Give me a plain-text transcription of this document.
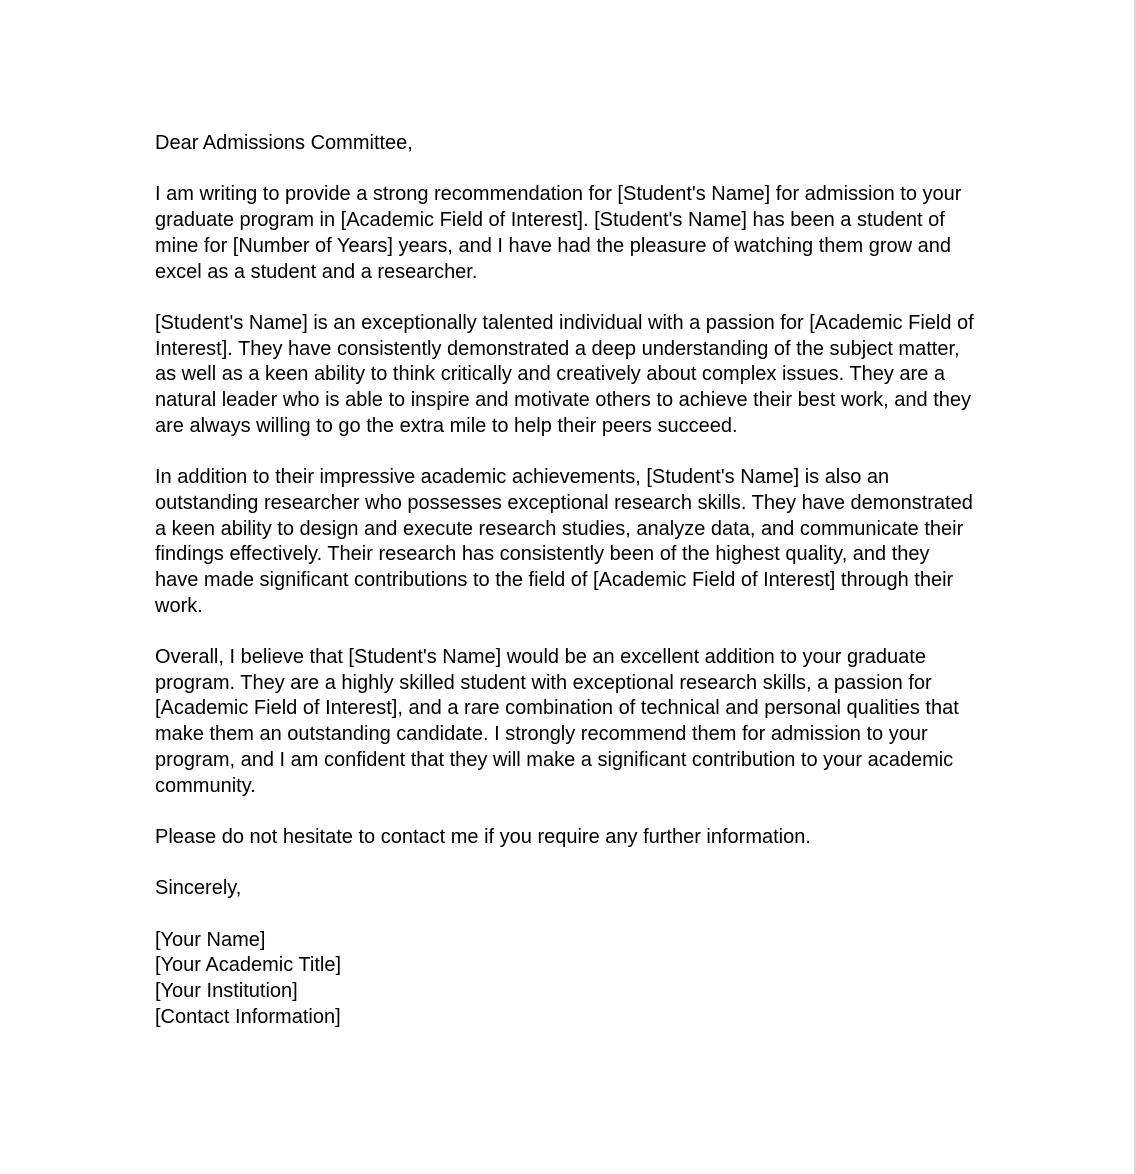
Dear Admissions Committee,

I am writing to provide a strong recommendation for [Student's Name] for admission to your graduate program in [Academic Field of Interest]. [Student's Name] has been a student of mine for [Number of Years] years, and I have had the pleasure of watching them grow and excel as a student and a researcher.

[Student's Name] is an exceptionally talented individual with a passion for [Academic Field of Interest]. They have consistently demonstrated a deep understanding of the subject matter, as well as a keen ability to think critically and creatively about complex issues. They are a natural leader who is able to inspire and motivate others to achieve their best work, and they are always willing to go the extra mile to help their peers succeed.

In addition to their impressive academic achievements, [Student's Name] is also an outstanding researcher who possesses exceptional research skills. They have demonstrated a keen ability to design and execute research studies, analyze data, and communicate their findings effectively. Their research has consistently been of the highest quality, and they have made significant contributions to the field of [Academic Field of Interest] through their work.

Overall, I believe that [Student's Name] would be an excellent addition to your graduate program. They are a highly skilled student with exceptional research skills, a passion for [Academic Field of Interest], and a rare combination of technical and personal qualities that make them an outstanding candidate. I strongly recommend them for admission to your program, and I am confident that they will make a significant contribution to your academic community.

Please do not hesitate to contact me if you require any further information.

Sincerely,

[Your Name]

[Your Academic Title]

[Your Institution]

[Contact Information]
